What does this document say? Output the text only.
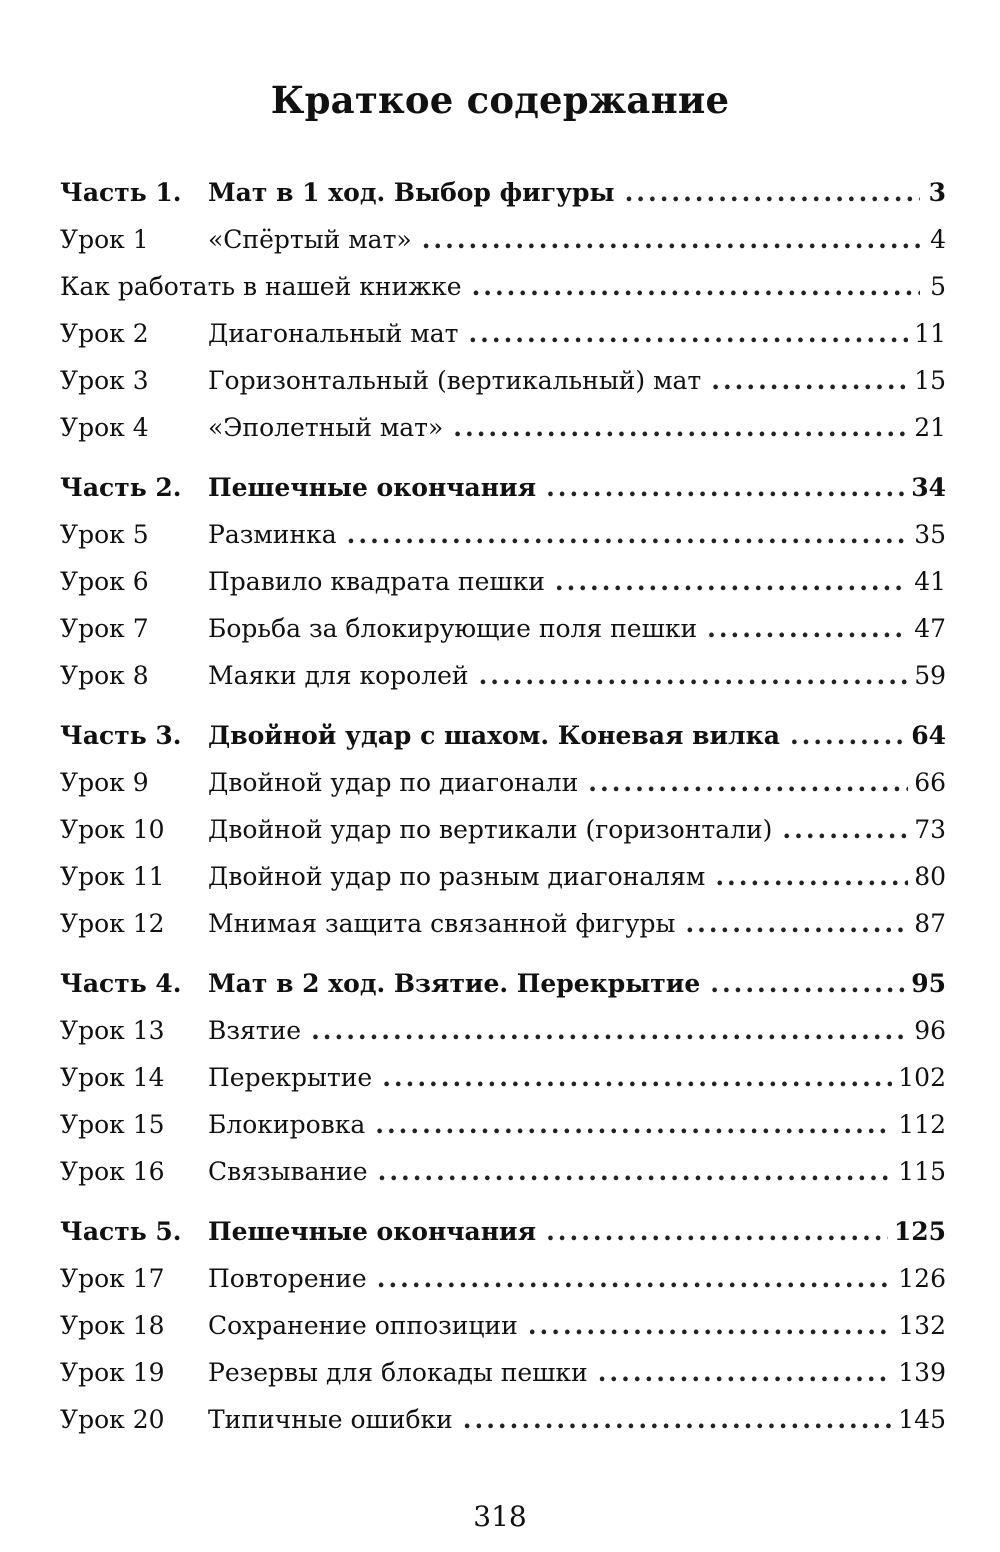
Краткое содержание
Часть 1.	Мат в 1 ход. Выбор фигуры .....	3
Урок 1	«Спёртый мат» .....	4
Как работать в нашей книжке .....	5
Урок 2	Диагональный мат .....	11
Урок 3	Горизонтальный (вертикальный) мат .....	15
Урок 4	«Эполетный мат» .....	21
Часть 2.	Пешечные окончания .....	34
Урок 5	Разминка .....	35
Урок 6	Правило квадрата пешки .....	41
Урок 7	Борьба за блокирующие поля пешки .....	47
Урок 8	Маяки для королей .....	59
Часть 3.	Двойной удар с шахом. Коневая вилка .....	64
Урок 9	Двойной удар по диагонали .....	66
Урок 10	Двойной удар по вертикали (горизонтали) .....	73
Урок 11	Двойной удар по разным диагоналям .....	80
Урок 12	Мнимая защита связанной фигуры .....	87
Часть 4.	Мат в 2 ход. Взятие. Перекрытие .....	95
Урок 13	Взятие .....	96
Урок 14	Перекрытие .....	102
Урок 15	Блокировка .....	112
Урок 16	Связывание .....	115
Часть 5.	Пешечные окончания .....	125
Урок 17	Повторение .....	126
Урок 18	Сохранение оппозиции .....	132
Урок 19	Резервы для блокады пешки .....	139
Урок 20	Типичные ошибки .....	145
318
